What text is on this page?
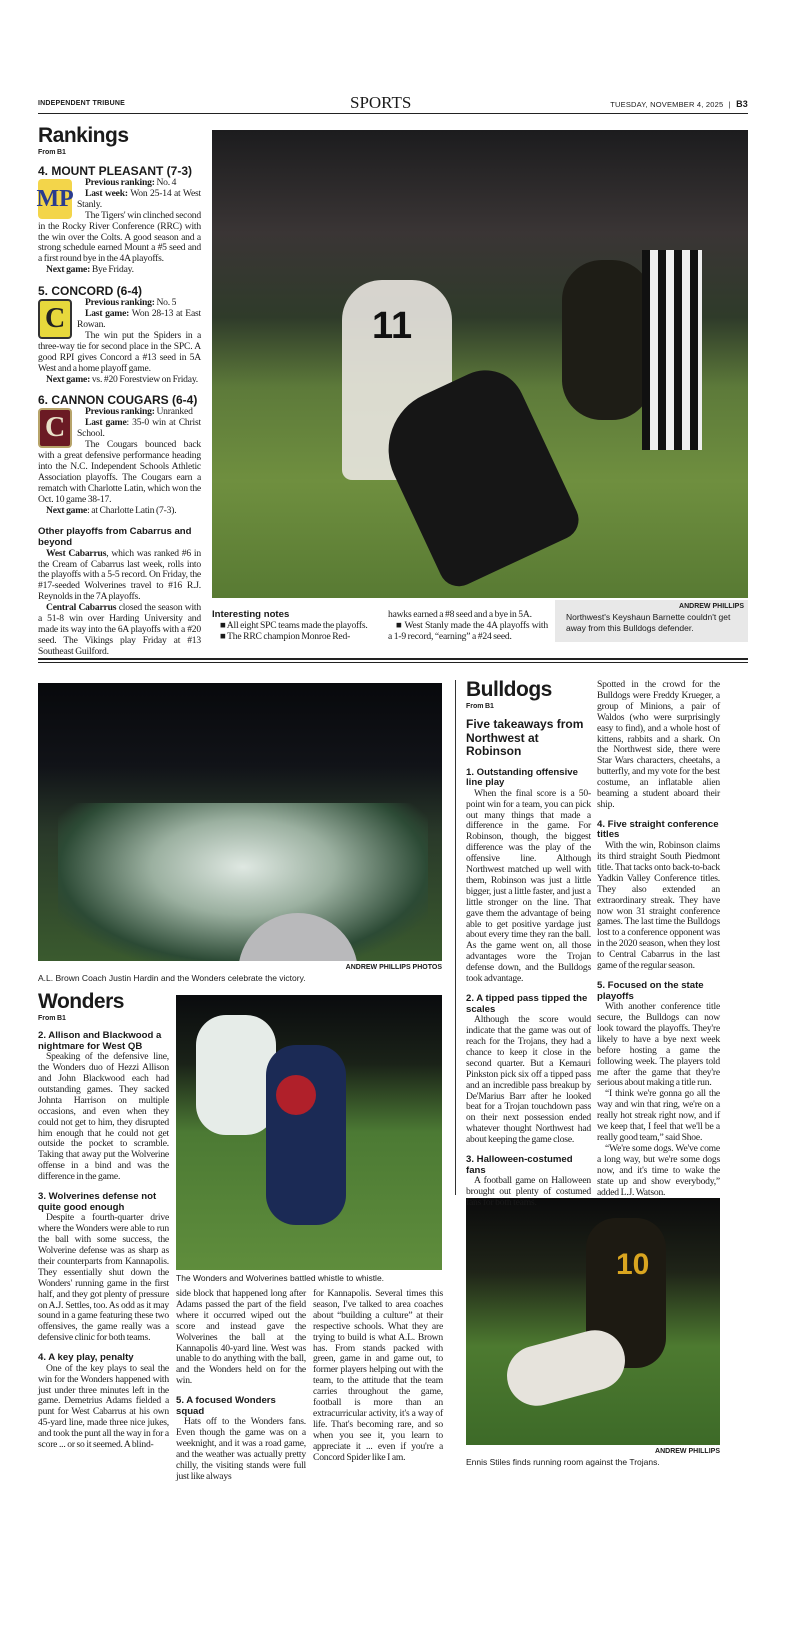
INDEPENDENT TRIBUNE	SPORTS	TUESDAY, NOVEMBER 4, 2025 | B3
Rankings
From B1
4. MOUNT PLEASANT (7-3)
MP

Previous ranking: No. 4

Last week: Won 25-14 at West Stanly.

The Tigers' win clinched second in the Rocky River Conference (RRC) with the win over the Colts. A good season and a strong schedule earned Mount a #5 seed and a first round bye in the 4A playoffs.

Next game: Bye Friday.

5. CONCORD (6-4)
C

Previous ranking: No. 5

Last game: Won 28-13 at East Rowan.

The win put the Spiders in a three-way tie for second place in the SPC. A good RPI gives Concord a #13 seed in 5A West and a home playoff game.

Next game: vs. #20 Forestview on Friday.

6. CANNON COUGARS (6-4)
C

Previous ranking: Unranked

Last game: 35-0 win at Christ School.

The Cougars bounced back with a great defensive performance heading into the N.C. Independent Schools Athletic Association playoffs. The Cougars earn a rematch with Charlotte Latin, which won the Oct. 10 game 38-17.

Next game: at Charlotte Latin (7-3).

Other playoffs from Cabarrus and beyond

West Cabarrus, which was ranked #6 in the Cream of Cabarrus last week, rolls into the playoffs with a 5-5 record. On Friday, the #17-seeded Wolverines travel to #16 R.J. Reynolds in the 7A playoffs.

Central Cabarrus closed the season with a 51-8 win over Harding University and made its way into the 6A playoffs with a #20 seed. The Vikings play Friday at #13 Southeast Guilford.

11
ANDREW PHILLIPS
Northwest's Keyshaun Barnette couldn't get away from this Bulldogs defender.
Interesting notes

■ All eight SPC teams made the playoffs.

■ The RRC champion Monroe Red-

hawks earned a #8 seed and a bye in 5A.

■ West Stanly made the 4A playoffs with a 1-9 record, “earning” a #24 seed.

ANDREW PHILLIPS PHOTOS
A.L. Brown Coach Justin Hardin and the Wonders celebrate the victory.
Wonders
From B1
2. Allison and Blackwood a nightmare for West QB

Speaking of the defensive line, the Wonders duo of Hezzi Allison and John Blackwood each had outstanding games. They sacked Johnta Harrison on multiple occasions, and even when they could not get to him, they disrupted him enough that he could not get outside the pocket to scramble. Taking that away put the Wolverine offense in a bind and was the difference in the game.

3. Wolverines defense not quite good enough

Despite a fourth-quarter drive where the Wonders were able to run the ball with some success, the Wolverine defense was as sharp as their counterparts from Kannapolis. They essentially shut down the Wonders' running game in the first half, and they got plenty of pressure on A.J. Settles, too. As odd as it may sound in a game featuring these two offensives, the game really was a defensive clinic for both teams.

4. A key play, penalty

One of the key plays to seal the win for the Wonders happened with just under three minutes left in the game. Demetrius Adams fielded a punt for West Cabarrus at his own 45-yard line, made three nice jukes, and took the punt all the way in for a score ... or so it seemed. A blind-

The Wonders and Wolverines battled whistle to whistle.

side block that happened long after Adams passed the part of the field where it occurred wiped out the score and instead gave the Wolverines the ball at the Kannapolis 40-yard line. West was unable to do anything with the ball, and the Wonders held on for the win.

5. A focused Wonders squad

Hats off to the Wonders fans. Even though the game was on a weeknight, and it was a road game, and the weather was actually pretty chilly, the visiting stands were full just like always

for Kannapolis. Several times this season, I've talked to area coaches about “building a culture” at their respective schools. What they are trying to build is what A.L. Brown has. From stands packed with green, game in and game out, to former players helping out with the team, to the attitude that the team carries throughout the game, football is more than an extracurricular activity, it's a way of life. That's becoming rare, and so when you see it, you learn to appreciate it ... even if you're a Concord Spider like I am.

Bulldogs
From B1
Five takeaways from Northwest at Robinson
1. Outstanding offensive line play

When the final score is a 50-point win for a team, you can pick out many things that made a difference in the game. For Robinson, though, the biggest difference was the play of the offensive line. Although Northwest matched up well with them, Robinson was just a little bigger, just a little faster, and just a little stronger on the line. That gave them the advantage of being able to get positive yardage just about every time they ran the ball. As the game went on, all those advantages wore the Trojan defense down, and the Bulldogs took advantage.

2. A tipped pass tipped the scales

Although the score would indicate that the game was out of reach for the Trojans, they had a chance to keep it close in the second quarter. But a Kemauri Pinkston pick six off a tipped pass and an incredible pass breakup by De'Marius Barr after he looked beat for a Trojan touchdown pass on their next possession ended whatever thought Northwest had about keeping the game close.

3. Halloween-costumed fans

A football game on Halloween brought out plenty of costumed fans for both teams.

Spotted in the crowd for the Bulldogs were Freddy Krueger, a group of Minions, a pair of Waldos (who were surprisingly easy to find), and a whole host of kittens, rabbits and a shark. On the Northwest side, there were Star Wars characters, cheetahs, a butterfly, and my vote for the best costume, an inflatable alien beaming a student aboard their ship.

4. Five straight conference titles

With the win, Robinson claims its third straight South Piedmont title. That tacks onto back-to-back Yadkin Valley Conference titles. They also extended an extraordinary streak. They have now won 31 straight conference games. The last time the Bulldogs lost to a conference opponent was in the 2020 season, when they lost to Central Cabarrus in the last game of the regular season.

5. Focused on the state playoffs

With another conference title secure, the Bulldogs can now look toward the playoffs. They're likely to have a bye next week before hosting a game the following week. The players told me after the game that they're serious about making a title run.

“I think we're gonna go all the way and win that ring, we're on a really hot streak right now, and if we keep that, I feel that we'll be a really good team,” said Shoe.

“We're some dogs. We've come a long way, but we're some dogs now, and it's time to wake the state up and show everybody,” added L.J. Watson.

10
ANDREW PHILLIPS
Ennis Stiles finds running room against the Trojans.
